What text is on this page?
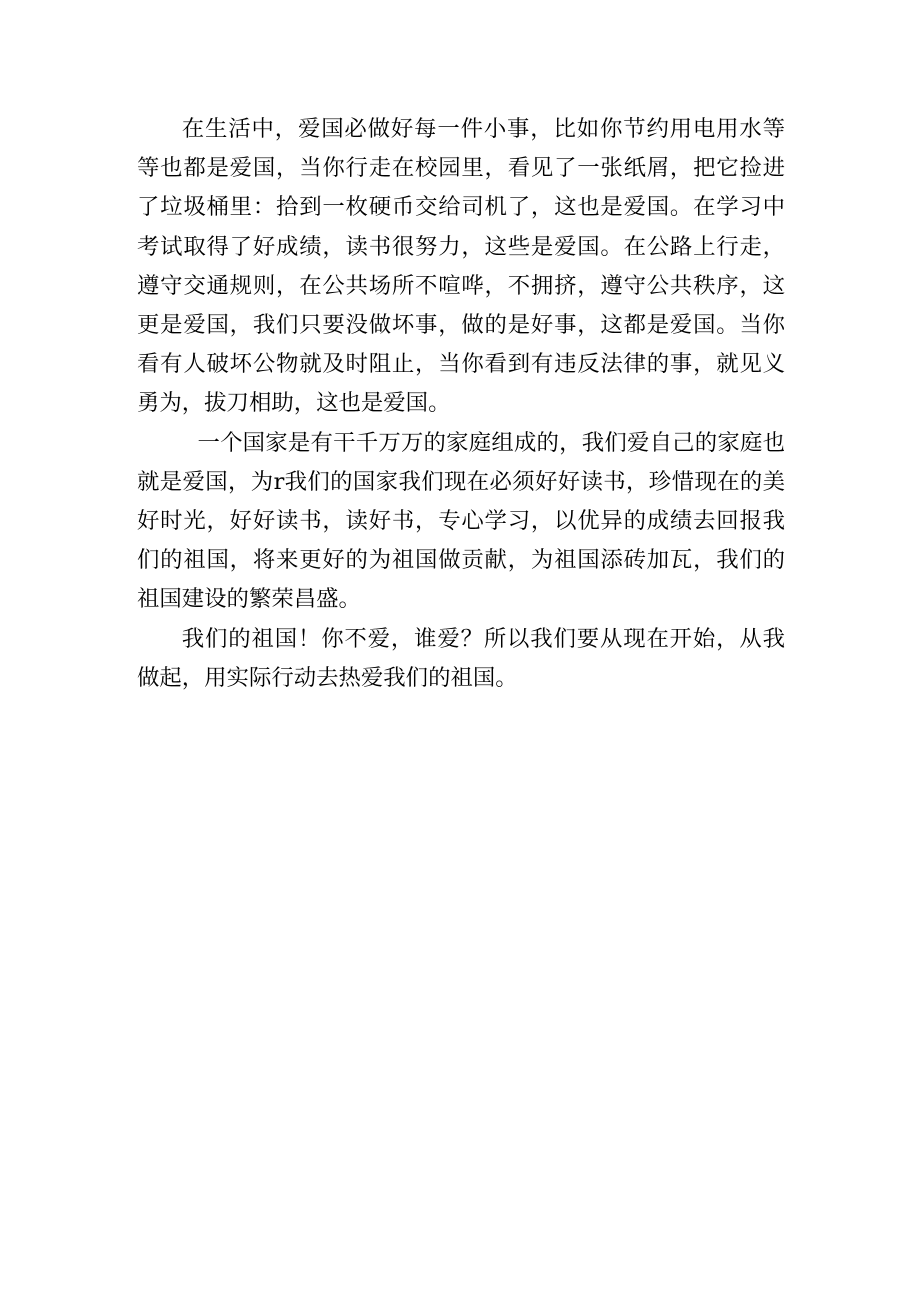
在生活中，爱国必做好每一件小事，比如你节约用电用水等等也都是爱国，当你行走在校园里，看见了一张纸屑，把它捡进了垃圾桶里：拾到一枚硬币交给司机了，这也是爱国。在学习中考试取得了好成绩，读书很努力，这些是爱国。在公路上行走，遵守交通规则，在公共场所不喧哗，不拥挤，遵守公共秩序，这更是爱国，我们只要没做坏事，做的是好事，这都是爱国。当你看有人破坏公物就及时阻止，当你看到有违反法律的事，就见义勇为，拔刀相助，这也是爱国。

一个国家是有干千万万的家庭组成的，我们爱自己的家庭也就是爱国，为r我们的国家我们现在必须好好读书，珍惜现在的美好时光，好好读书，读好书，专心学习，以优异的成绩去回报我们的祖国，将来更好的为祖国做贡献，为祖国添砖加瓦，我们的祖国建设的繁荣昌盛。

我们的祖国！你不爱，谁爱？所以我们要从现在开始，从我做起，用实际行动去热爱我们的祖国。
